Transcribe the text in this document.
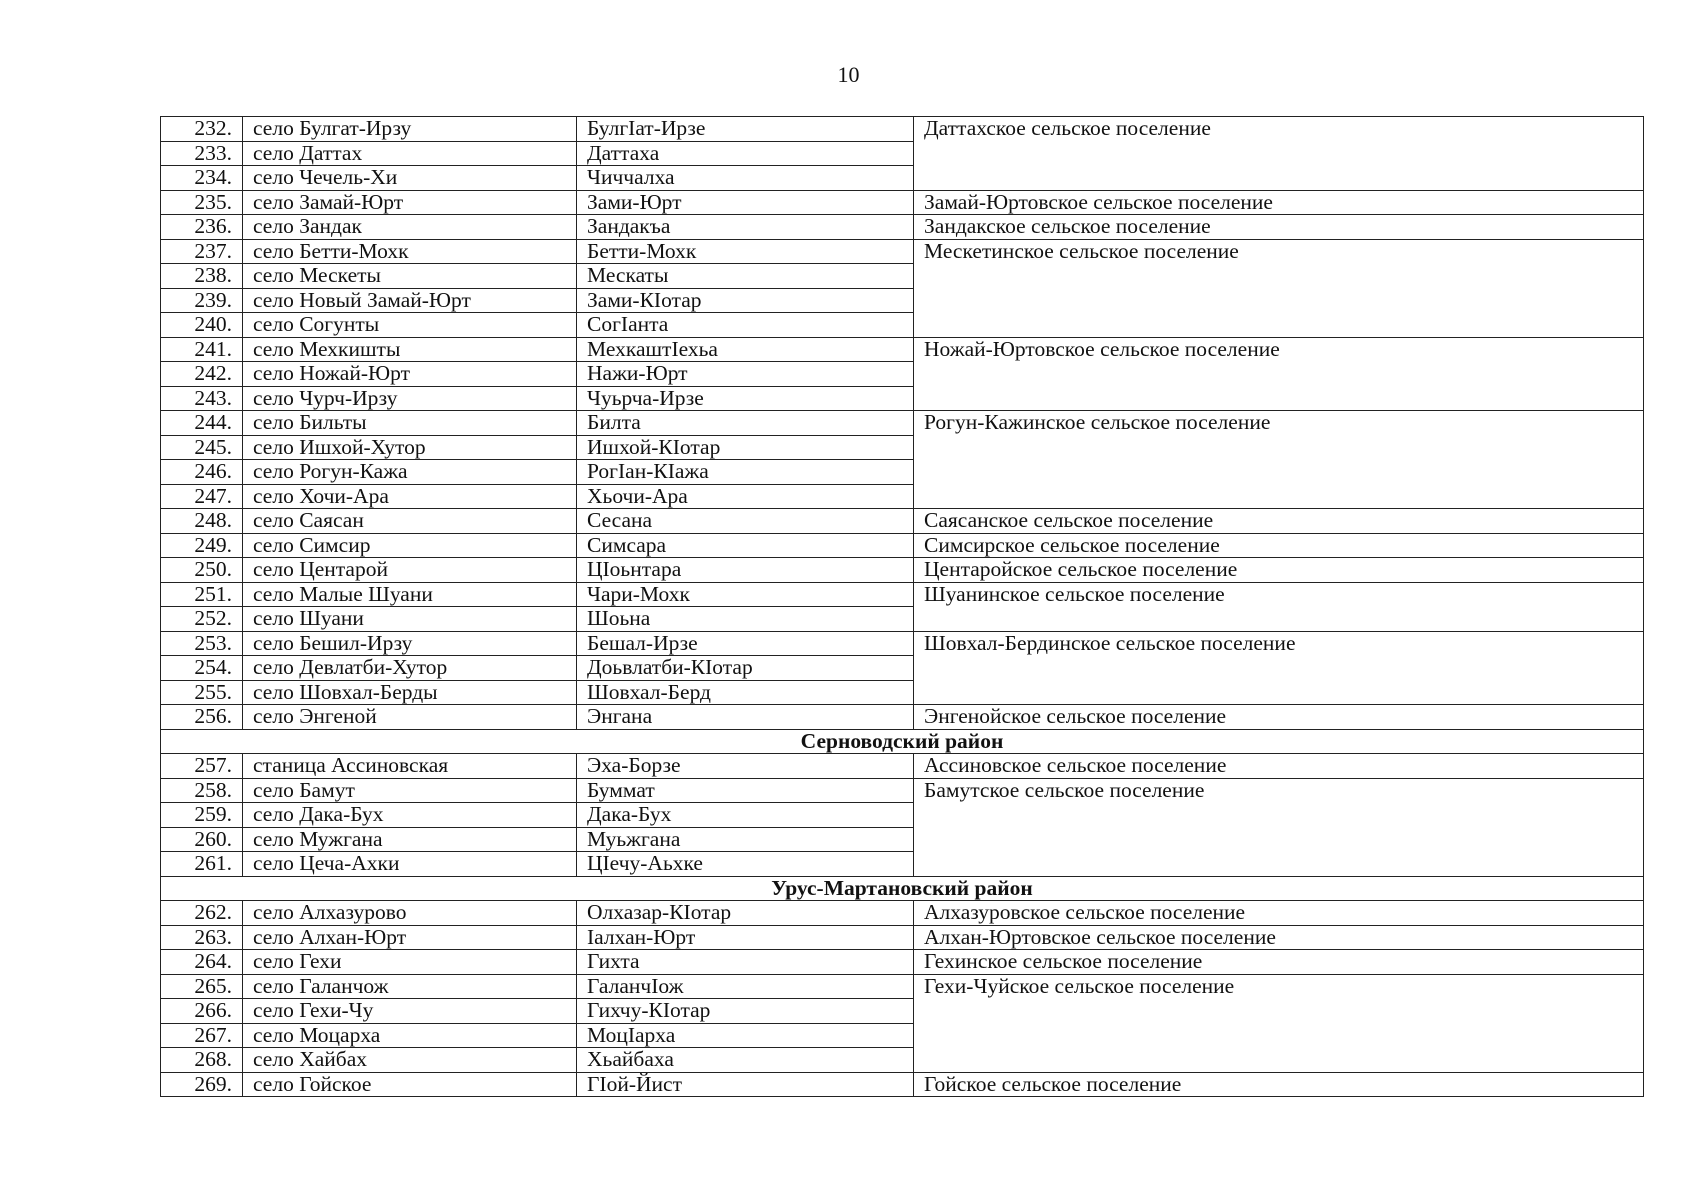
10
232.	село Булгат-Ирзу	БулгIат-Ирзе	Даттахское сельское поселение
233.	село Даттах	Даттаха	
234.	село Чечель-Хи	Чиччалха	
235.	село Замай-Юрт	Зами-Юрт	Замай-Юртовское сельское поселение
236.	село Зандак	Зандакъа	Зандакское сельское поселение
237.	село Бетти-Мохк	Бетти-Мохк	Мескетинское сельское поселение
238.	село Мескеты	Мескаты	
239.	село Новый Замай-Юрт	Зами-КIотар	
240.	село Согунты	СогIанта	
241.	село Мехкишты	МехкаштIехьа	Ножай-Юртовское сельское поселение
242.	село Ножай-Юрт	Нажи-Юрт	
243.	село Чурч-Ирзу	Чуьрча-Ирзе	
244.	село Бильты	Билта	Рогун-Кажинское сельское поселение
245.	село Ишхой-Хутор	Ишхой-КIотар	
246.	село Рогун-Кажа	РогIан-КIажа	
247.	село Хочи-Ара	Хьочи-Ара	
248.	село Саясан	Сесана	Саясанское сельское поселение
249.	село Симсир	Симсара	Симсирское сельское поселение
250.	село Центарой	ЦIоьнтара	Центаройское сельское поселение
251.	село Малые Шуани	Чари-Мохк	Шуанинское сельское поселение
252.	село Шуани	Шоьна	
253.	село Бешил-Ирзу	Бешал-Ирзе	Шовхал-Бердинское сельское поселение
254.	село Девлатби-Хутор	Доьвлатби-КIотар	
255.	село Шовхал-Берды	Шовхал-Берд	
256.	село Энгеной	Энгана	Энгенойское сельское поселение
Серноводский район			
257.	станица Ассиновская	Эха-Борзе	Ассиновское сельское поселение
258.	село Бамут	Буммат	Бамутское сельское поселение
259.	село Дака-Бух	Дака-Бух	
260.	село Мужгана	Муьжгана	
261.	село Цеча-Ахки	ЦIечу-Аьхке	
Урус-Мартановский район			
262.	село Алхазурово	Олхазар-КIотар	Алхазуровское сельское поселение
263.	село Алхан-Юрт	Iалхан-Юрт	Алхан-Юртовское сельское поселение
264.	село Гехи	Гихта	Гехинское сельское поселение
265.	село Галанчож	ГаланчIож	Гехи-Чуйское сельское поселение
266.	село Гехи-Чу	Гихчу-КIотар	
267.	село Моцарха	МоцIарха	
268.	село Хайбах	Хьайбаха	
269.	село Гойское	ГIой-Йист	Гойское сельское поселение
